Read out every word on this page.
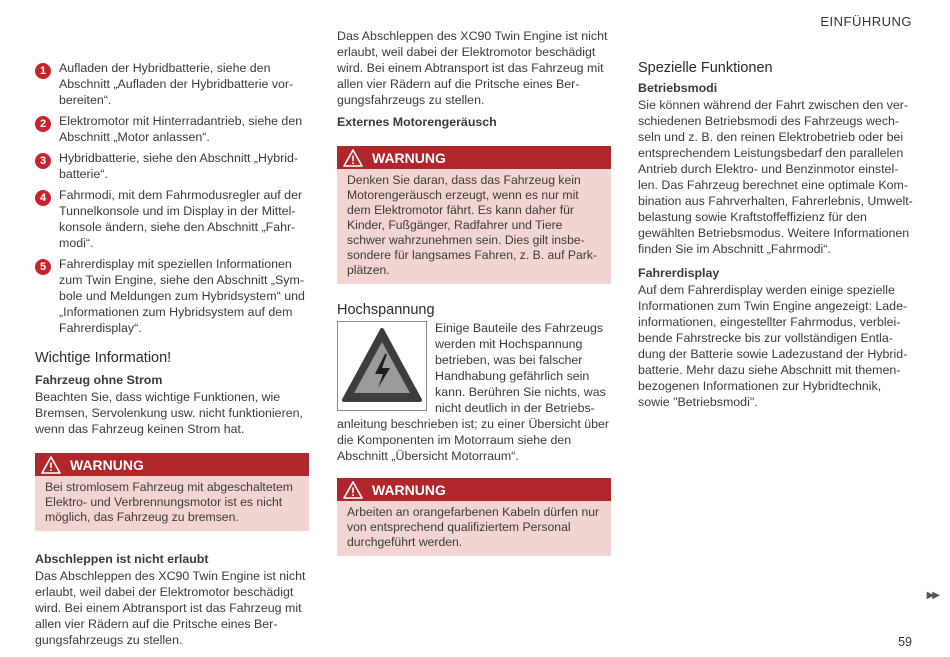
EINFÜHRUNG
1	Aufladen der Hybridbatterie, siehe den Abschnitt „Aufladen der Hybridbatterie vorbereiten“.
2	Elektromotor mit Hinterradantrieb, siehe den Abschnitt „Motor anlassen“.
3	Hybridbatterie, siehe den Abschnitt „Hybridbatterie“.
4	Fahrmodi, mit dem Fahrmodusregler auf der Tunnelkonsole und im Display in der Mittelkonsole ändern, siehe den Abschnitt „Fahrmodi“.
5	Fahrerdisplay mit speziellen Informationen zum Twin Engine, siehe den Abschnitt „Symbole und Meldungen zum Hybridsystem“ und „Informationen zum Hybridsystem auf dem Fahrerdisplay“.
Wichtige Information!
Fahrzeug ohne Strom

Beachten Sie, dass wichtige Funktionen, wie Bremsen, Servolenkung usw. nicht funktionieren, wenn das Fahrzeug keinen Strom hat.

WARNUNG
Bei stromlosem Fahrzeug mit abgeschaltetem Elektro- und Verbrennungsmotor ist es nicht möglich, das Fahrzeug zu bremsen.
Abschleppen ist nicht erlaubt

Das Abschleppen des XC90 Twin Engine ist nicht erlaubt, weil dabei der Elektromotor beschädigt wird. Bei einem Abtransport ist das Fahrzeug mit allen vier Rädern auf die Pritsche eines Bergungsfahrzeugs zu stellen.

Das Abschleppen des XC90 Twin Engine ist nicht erlaubt, weil dabei der Elektromotor beschädigt wird. Bei einem Abtransport ist das Fahrzeug mit allen vier Rädern auf die Pritsche eines Bergungsfahrzeugs zu stellen.

Externes Motorengeräusch
WARNUNG
Denken Sie daran, dass das Fahrzeug kein Motorengeräusch erzeugt, wenn es nur mit dem Elektromotor fährt. Es kann daher für Kinder, Fußgänger, Radfahrer und Tiere schwer wahrzunehmen sein. Dies gilt insbesondere für langsames Fahren, z. B. auf Parkplätzen.
Hochspannung

Einige Bauteile des Fahrzeugs werden mit Hochspannung betrieben, was bei falscher Handhabung gefährlich sein kann. Berühren Sie nichts, was nicht deutlich in der Betriebsanleitung beschrieben ist; zu einer Übersicht über die Komponenten im Motorraum siehe den Abschnitt „Übersicht Motorraum“.

WARNUNG
Arbeiten an orangefarbenen Kabeln dürfen nur von entsprechend qualifiziertem Personal durchgeführt werden.
Spezielle Funktionen
Betriebsmodi

Sie können während der Fahrt zwischen den verschiedenen Betriebsmodi des Fahrzeugs wechseln und z. B. den reinen Elektrobetrieb oder bei entsprechendem Leistungsbedarf den parallelen Antrieb durch Elektro- und Benzinmotor einstellen. Das Fahrzeug berechnet eine optimale Kombination aus Fahrverhalten, Fahrerlebnis, Umweltbelastung sowie Kraftstoffeffizienz für den gewählten Betriebsmodus. Weitere Informationen finden Sie im Abschnitt „Fahrmodi“.

Fahrerdisplay

Auf dem Fahrerdisplay werden einige spezielle Informationen zum Twin Engine angezeigt: Ladeinformationen, eingestellter Fahrmodus, verbleibende Fahrstrecke bis zur vollständigen Entladung der Batterie sowie Ladezustand der Hybridbatterie. Mehr dazu siehe Abschnitt mit themenbezogenen Informationen zur Hybridtechnik, sowie "Betriebsmodi".

▶▶
59
